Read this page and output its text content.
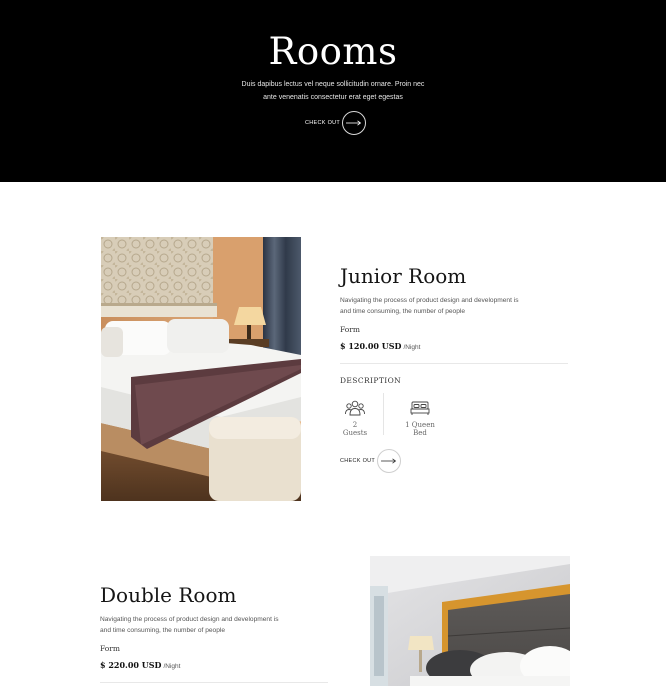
Rooms
Duis dapibus lectus vel neque sollicitudin ornare. Proin nec
ante venenatis consectetur erat eget egestas
CHECK OUT
Junior Room
Navigating the process of product design and development is
and time consuming, the number of people
Form
$ 120.00 USD /Night
DESCRIPTION
2 Guests
1 Queen Bed
CHECK OUT
Double Room
Navigating the process of product design and development is
and time consuming, the number of people
Form
$ 220.00 USD /Night
